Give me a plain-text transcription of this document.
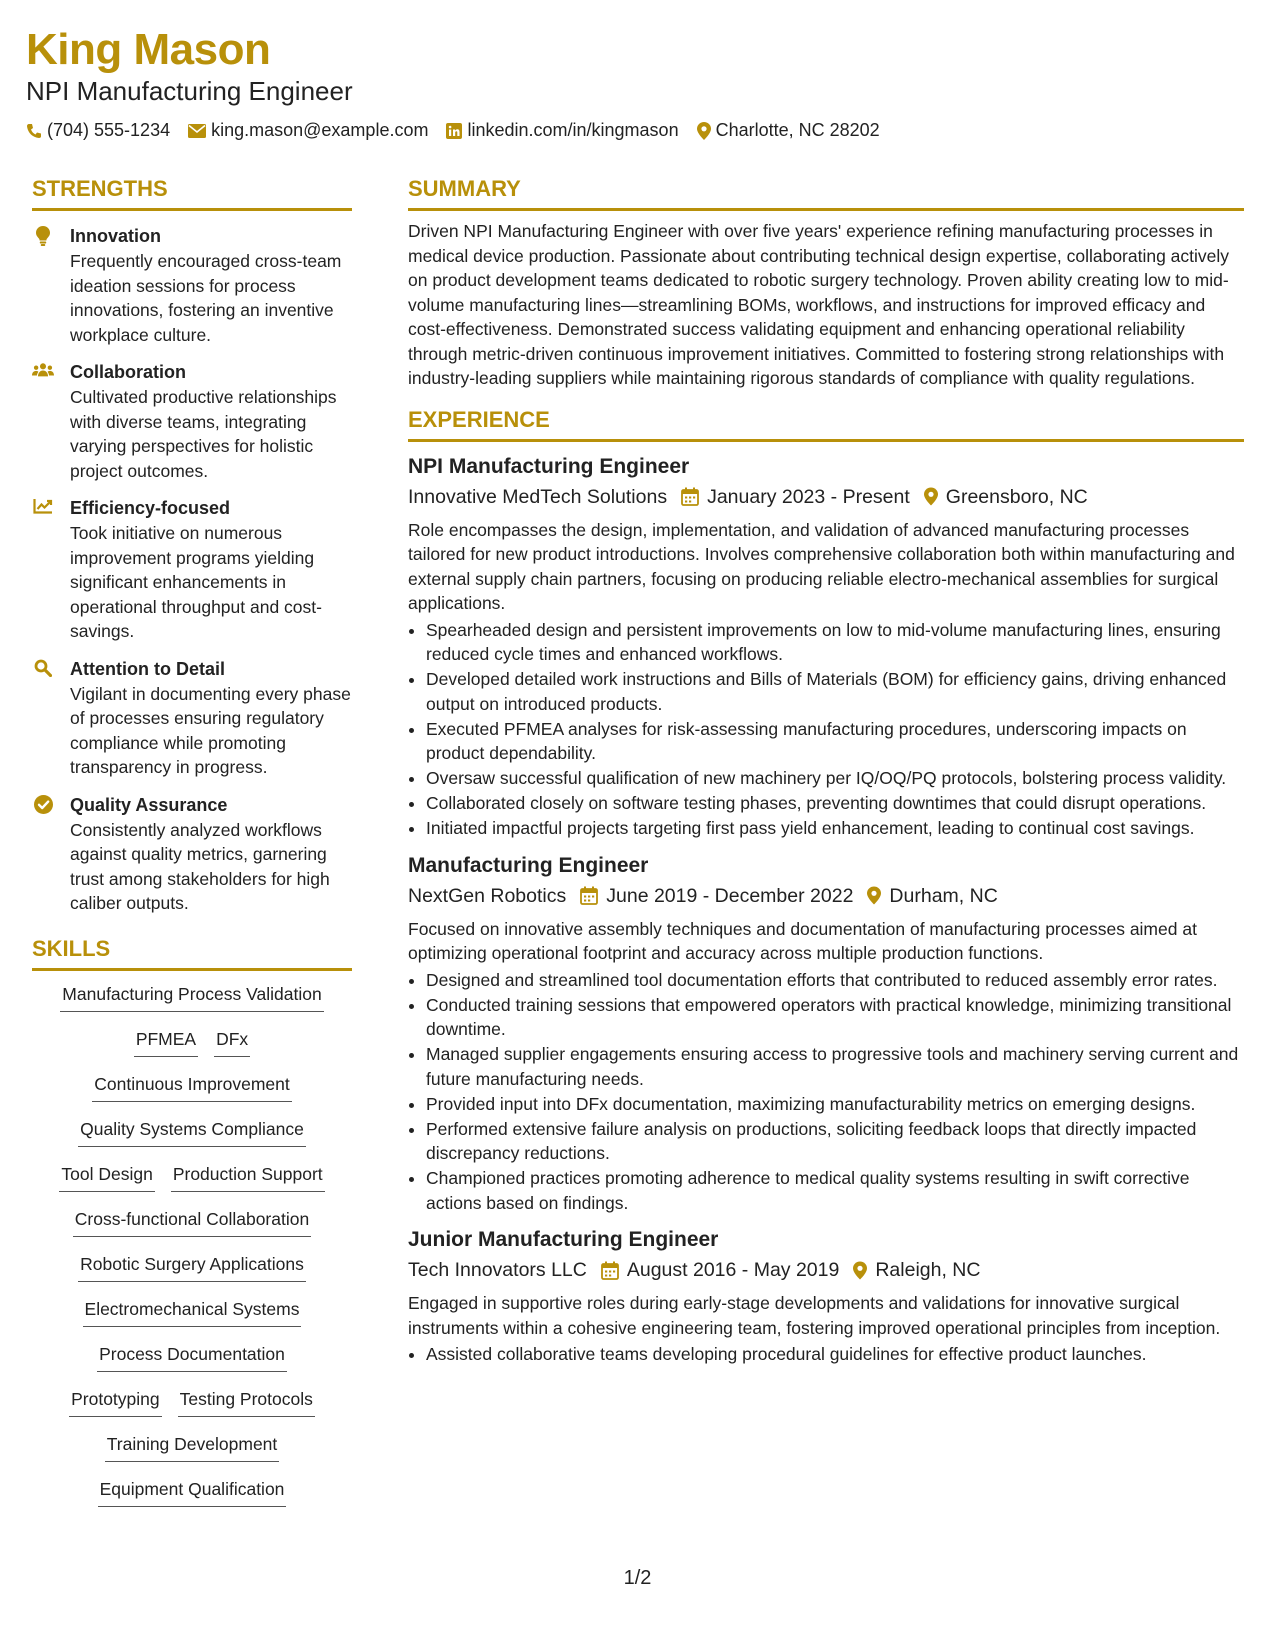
King Mason
NPI Manufacturing Engineer
(704) 555-1234 king.mason@example.com linkedin.com/in/kingmason Charlotte, NC 28202
STRENGTHS
Innovation
Frequently encouraged cross-team ideation sessions for process innovations, fostering an inventive workplace culture.
Collaboration
Cultivated productive relationships with diverse teams, integrating varying perspectives for holistic project outcomes.
Efficiency-focused
Took initiative on numerous improvement programs yielding significant enhancements in operational throughput and cost-savings.
Attention to Detail
Vigilant in documenting every phase of processes ensuring regulatory compliance while promoting transparency in progress.
Quality Assurance
Consistently analyzed workflows against quality metrics, garnering trust among stakeholders for high caliber outputs.
SKILLS
Manufacturing Process Validation
PFMEA DFx
Continuous Improvement
Quality Systems Compliance
Tool Design Production Support
Cross-functional Collaboration
Robotic Surgery Applications
Electromechanical Systems
Process Documentation
Prototyping Testing Protocols
Training Development
Equipment Qualification
SUMMARY
Driven NPI Manufacturing Engineer with over five years' experience refining manufacturing processes in medical device production. Passionate about contributing technical design expertise, collaborating actively on product development teams dedicated to robotic surgery technology. Proven ability creating low to mid-volume manufacturing lines—streamlining BOMs, workflows, and instructions for improved efficacy and cost-effectiveness. Demonstrated success validating equipment and enhancing operational reliability through metric-driven continuous improvement initiatives. Committed to fostering strong relationships with industry-leading suppliers while maintaining rigorous standards of compliance with quality regulations.
EXPERIENCE
NPI Manufacturing Engineer
Innovative MedTech Solutions January 2023 - Present Greensboro, NC
Role encompasses the design, implementation, and validation of advanced manufacturing processes tailored for new product introductions. Involves comprehensive collaboration both within manufacturing and external supply chain partners, focusing on producing reliable electro-mechanical assemblies for surgical applications.
• Spearheaded design and persistent improvements on low to mid-volume manufacturing lines, ensuring reduced cycle times and enhanced workflows.
• Developed detailed work instructions and Bills of Materials (BOM) for efficiency gains, driving enhanced output on introduced products.
• Executed PFMEA analyses for risk-assessing manufacturing procedures, underscoring impacts on product dependability.
• Oversaw successful qualification of new machinery per IQ/OQ/PQ protocols, bolstering process validity.
• Collaborated closely on software testing phases, preventing downtimes that could disrupt operations.
• Initiated impactful projects targeting first pass yield enhancement, leading to continual cost savings.
Manufacturing Engineer
NextGen Robotics June 2019 - December 2022 Durham, NC
Focused on innovative assembly techniques and documentation of manufacturing processes aimed at optimizing operational footprint and accuracy across multiple production functions.
• Designed and streamlined tool documentation efforts that contributed to reduced assembly error rates.
• Conducted training sessions that empowered operators with practical knowledge, minimizing transitional downtime.
• Managed supplier engagements ensuring access to progressive tools and machinery serving current and future manufacturing needs.
• Provided input into DFx documentation, maximizing manufacturability metrics on emerging designs.
• Performed extensive failure analysis on productions, soliciting feedback loops that directly impacted discrepancy reductions.
• Championed practices promoting adherence to medical quality systems resulting in swift corrective actions based on findings.
Junior Manufacturing Engineer
Tech Innovators LLC August 2016 - May 2019 Raleigh, NC
Engaged in supportive roles during early-stage developments and validations for innovative surgical instruments within a cohesive engineering team, fostering improved operational principles from inception.
• Assisted collaborative teams developing procedural guidelines for effective product launches.
1/2
